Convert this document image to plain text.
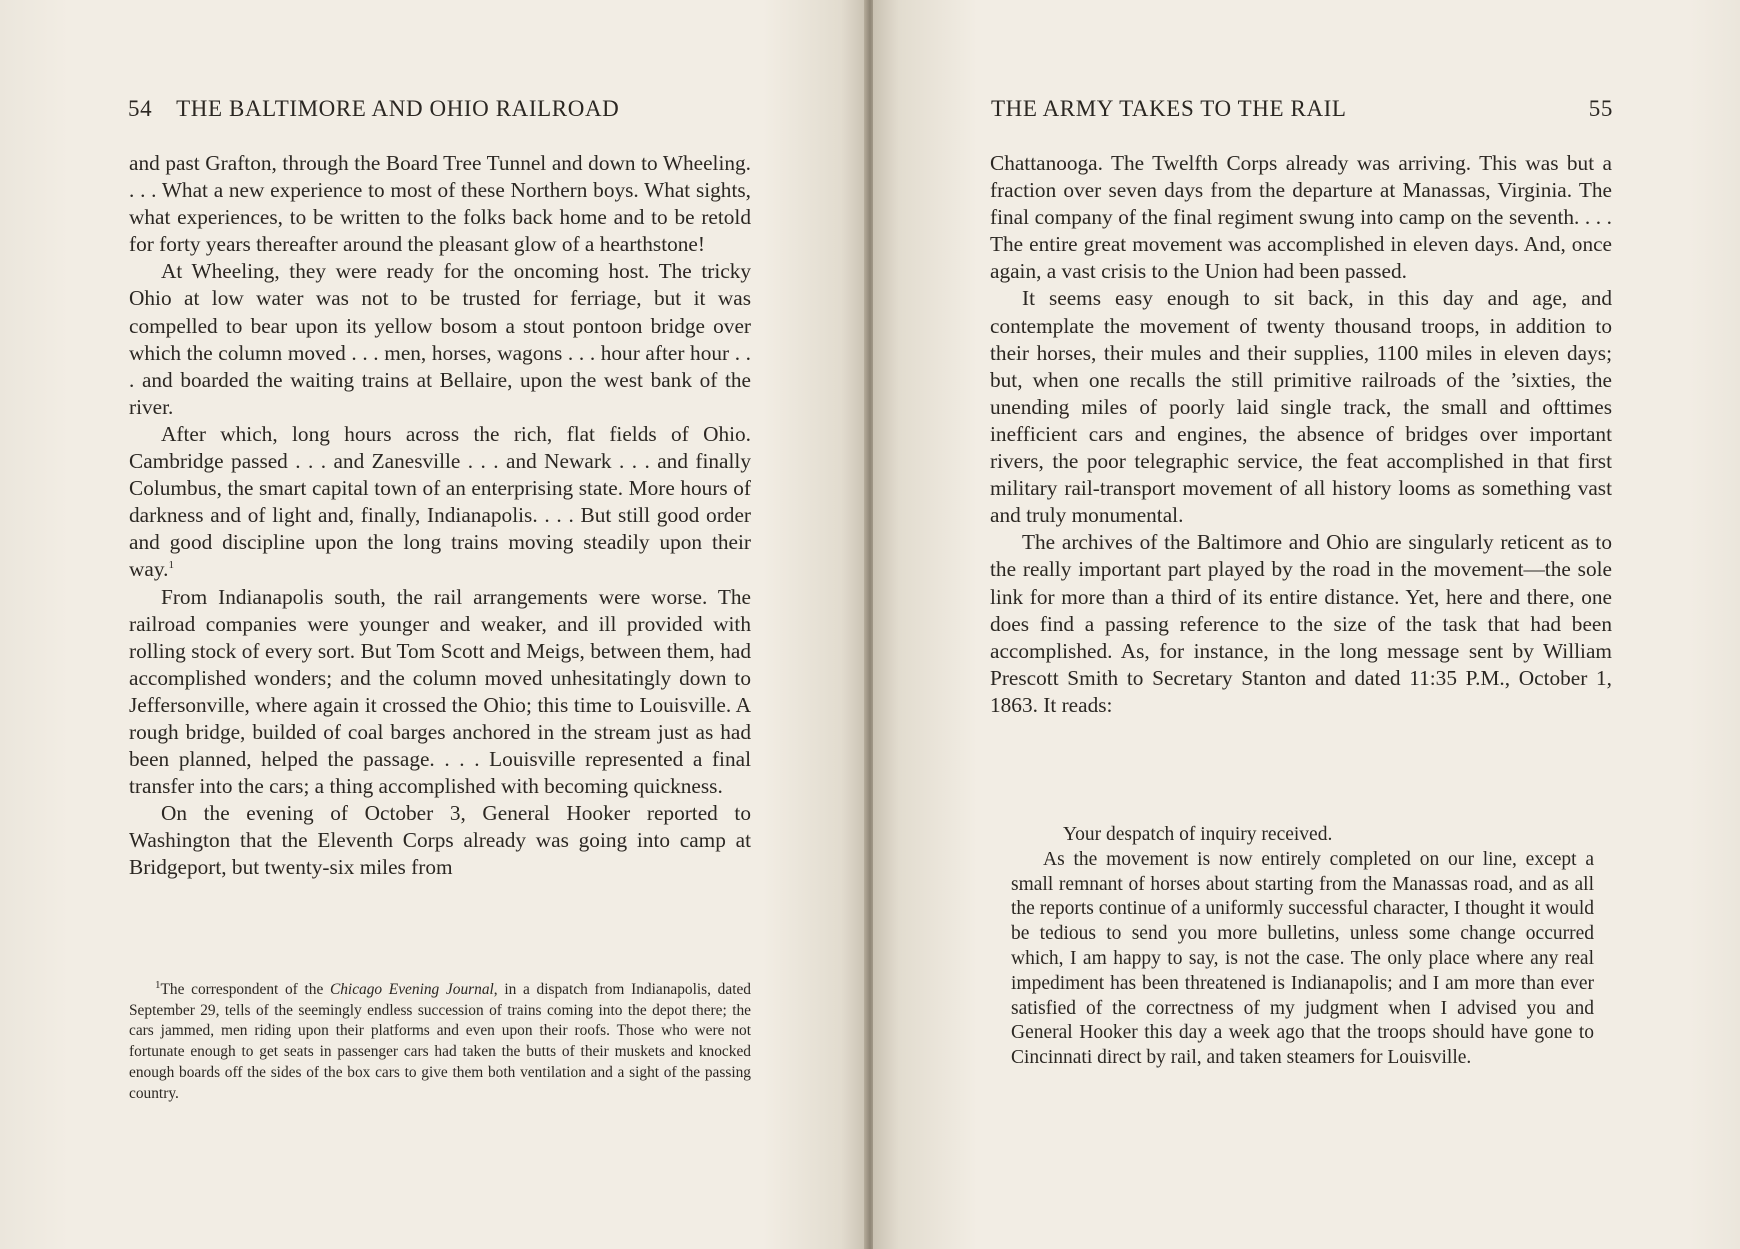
54 THE BALTIMORE AND OHIO RAILROAD

and past Grafton, through the Board Tree Tunnel and down to Wheeling. . . . What a new experience to most of these Northern boys. What sights, what experiences, to be written to the folks back home and to be retold for forty years thereafter around the pleasant glow of a hearthstone!

At Wheeling, they were ready for the oncoming host. The tricky Ohio at low water was not to be trusted for ferriage, but it was compelled to bear upon its yellow bosom a stout pontoon bridge over which the column moved . . . men, horses, wagons . . . hour after hour . . . and boarded the waiting trains at Bellaire, upon the west bank of the river.

After which, long hours across the rich, flat fields of Ohio. Cambridge passed . . . and Zanesville . . . and Newark . . . and finally Columbus, the smart capital town of an enterprising state. More hours of darkness and of light and, finally, Indianapolis. . . . But still good order and good discipline upon the long trains moving steadily upon their way.$^1$

From Indianapolis south, the rail arrangements were worse. The railroad companies were younger and weaker, and ill provided with rolling stock of every sort. But Tom Scott and Meigs, between them, had accomplished wonders; and the column moved unhesitatingly down to Jeffersonville, where again it crossed the Ohio; this time to Louisville. A rough bridge, builded of coal barges anchored in the stream just as had been planned, helped the passage. . . . Louisville represented a final transfer into the cars; a thing accomplished with becoming quickness.

On the evening of October 3, General Hooker reported to Washington that the Eleventh Corps already was going into camp at Bridgeport, but twenty-six miles from

$^1$The correspondent of the Chicago Evening Journal, in a dispatch from Indianapolis, dated September 29, tells of the seemingly endless succession of trains coming into the depot there; the cars jammed, men riding upon their platforms and even upon their roofs. Those who were not fortunate enough to get seats in passenger cars had taken the butts of their muskets and knocked enough boards off the sides of the box cars to give them both ventilation and a sight of the passing country.

THE ARMY TAKES TO THE RAIL	55

Chattanooga. The Twelfth Corps already was arriving. This was but a fraction over seven days from the departure at Manassas, Virginia. The final company of the final regiment swung into camp on the seventh. . . . The entire great movement was accomplished in eleven days. And, once again, a vast crisis to the Union had been passed.

It seems easy enough to sit back, in this day and age, and contemplate the movement of twenty thousand troops, in addition to their horses, their mules and their supplies, 1100 miles in eleven days; but, when one recalls the still primitive railroads of the ’sixties, the unending miles of poorly laid single track, the small and ofttimes inefficient cars and engines, the absence of bridges over important rivers, the poor telegraphic service, the feat accomplished in that first military rail-transport movement of all history looms as something vast and truly monumental.

The archives of the Baltimore and Ohio are singularly reticent as to the really important part played by the road in the movement—the sole link for more than a third of its entire distance. Yet, here and there, one does find a passing reference to the size of the task that had been accomplished. As, for instance, in the long message sent by William Prescott Smith to Secretary Stanton and dated 11:35 P.M., October 1, 1863. It reads:

Your despatch of inquiry received.

As the movement is now entirely completed on our line, except a small remnant of horses about starting from the Manassas road, and as all the reports continue of a uniformly successful character, I thought it would be tedious to send you more bulletins, unless some change occurred which, I am happy to say, is not the case. The only place where any real impediment has been threatened is Indianapolis; and I am more than ever satisfied of the correctness of my judgment when I advised you and General Hooker this day a week ago that the troops should have gone to Cincinnati direct by rail, and taken steamers for Louisville.
